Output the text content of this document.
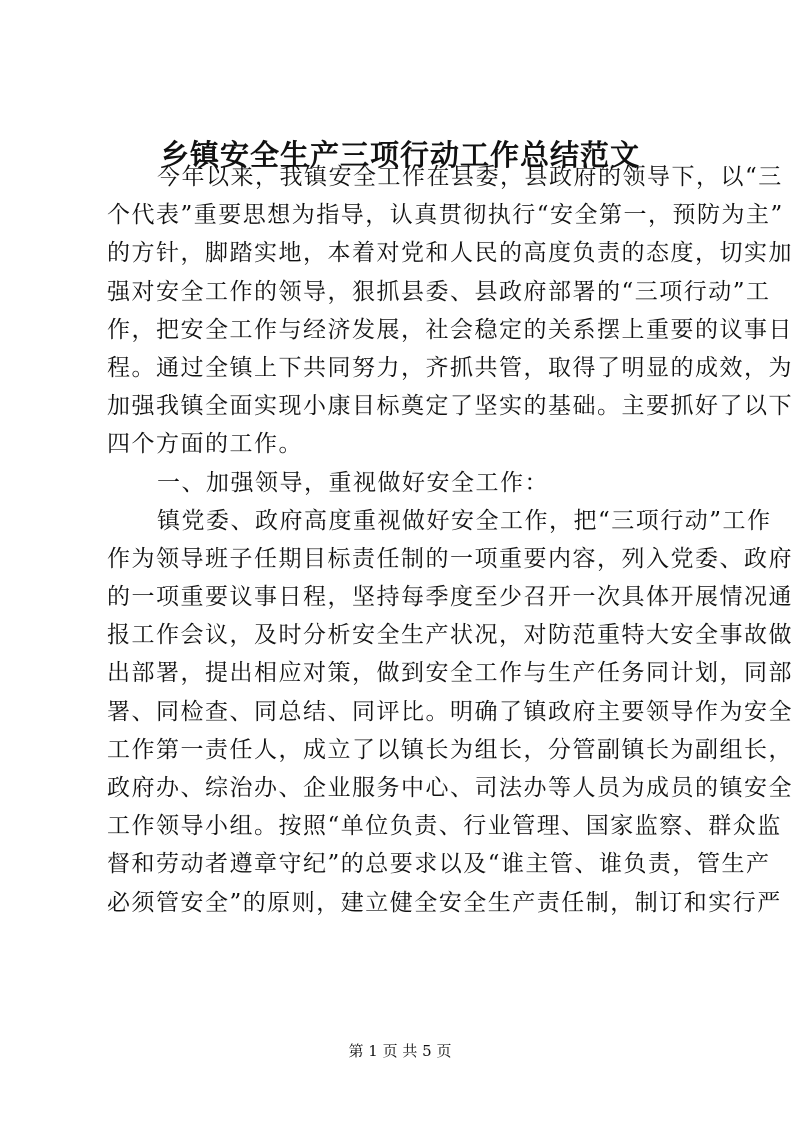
乡镇安全生产三项行动工作总结范文
今年以来，我镇安全工作在县委，县政府的领导下，以“三
个代表”重要思想为指导，认真贯彻执行“安全第一，预防为主”
的方针，脚踏实地，本着对党和人民的高度负责的态度，切实加
强对安全工作的领导，狠抓县委、县政府部署的“三项行动”工
作，把安全工作与经济发展，社会稳定的关系摆上重要的议事日
程。通过全镇上下共同努力，齐抓共管，取得了明显的成效，为
加强我镇全面实现小康目标奠定了坚实的基础。主要抓好了以下
四个方面的工作。
一、加强领导，重视做好安全工作：
镇党委、政府高度重视做好安全工作，把“三项行动”工作
作为领导班子任期目标责任制的一项重要内容，列入党委、政府
的一项重要议事日程，坚持每季度至少召开一次具体开展情况通
报工作会议，及时分析安全生产状况，对防范重特大安全事故做
出部署，提出相应对策，做到安全工作与生产任务同计划，同部
署、同检查、同总结、同评比。明确了镇政府主要领导作为安全
工作第一责任人，成立了以镇长为组长，分管副镇长为副组长，
政府办、综治办、企业服务中心、司法办等人员为成员的镇安全
工作领导小组。按照“单位负责、行业管理、国家监察、群众监
督和劳动者遵章守纪”的总要求以及“谁主管、谁负责，管生产
必须管安全”的原则，建立健全安全生产责任制，制订和实行严
第 1 页 共 5 页
